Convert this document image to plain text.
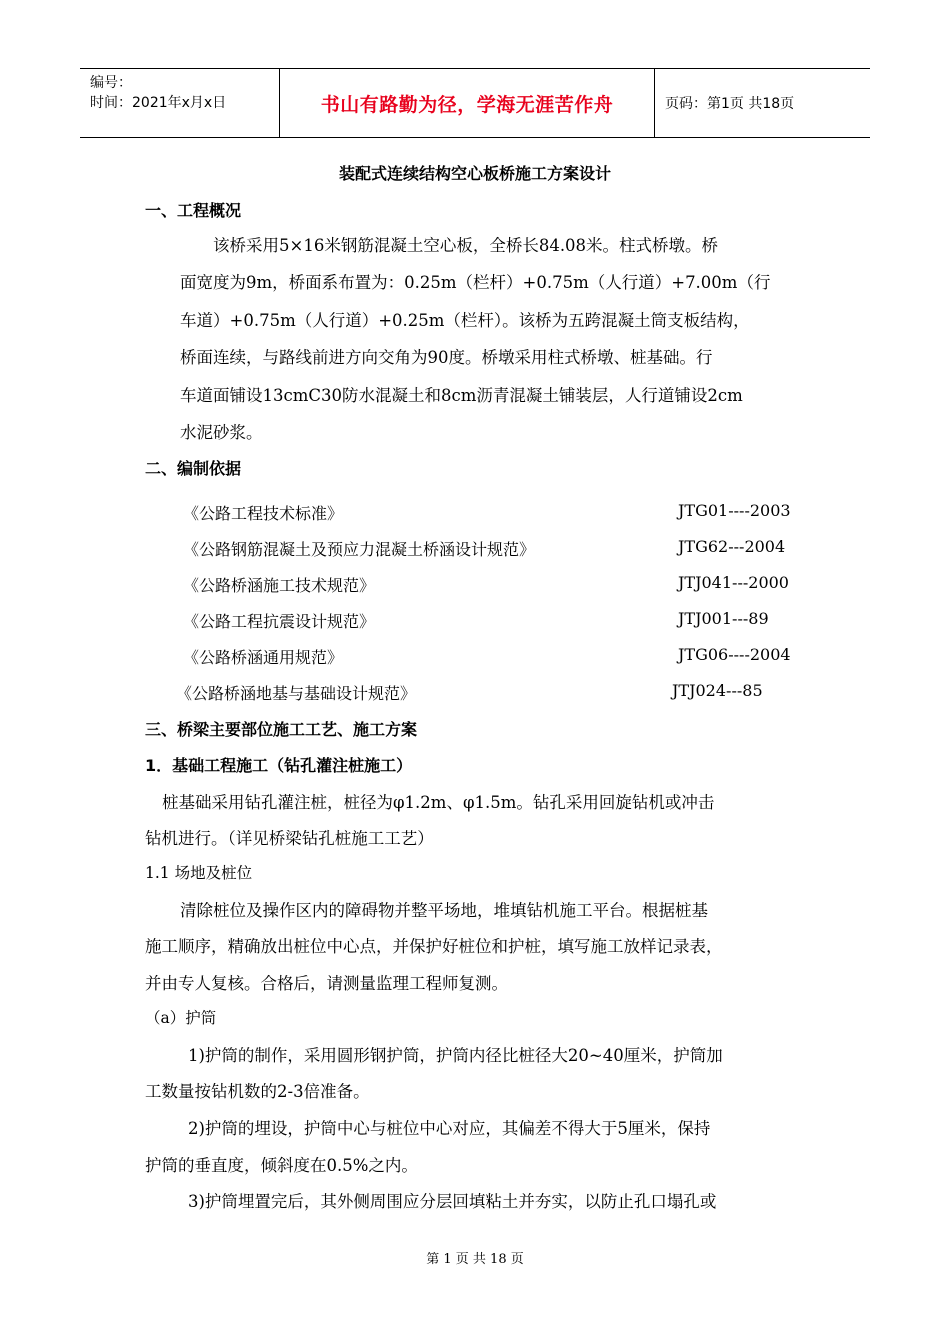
编号：
时间：2021年x月x日	书山有路勤为径，学海无涯苦作舟	页码：第1页 共18页
装配式连续结构空心板桥施工方案设计
一、工程概况
该桥采用5×16米钢筋混凝土空心板，全桥长84.08米。柱式桥墩。桥
面宽度为9m，桥面系布置为：0.25m（栏杆）+0.75m（人行道）+7.00m（行
车道）+0.75m（人行道）+0.25m（栏杆）。该桥为五跨混凝土筒支板结构，
桥面连续，与路线前进方向交角为90度。桥墩采用柱式桥墩、桩基础。行
车道面铺设13cmC30防水混凝土和8cm沥青混凝土铺装层，人行道铺设2cm
水泥砂浆。
二、编制依据
《公路工程技术标准》	JTG01----2003
《公路钢筋混凝土及预应力混凝土桥涵设计规范》	JTG62---2004
《公路桥涵施工技术规范》	JTJ041---2000
《公路工程抗震设计规范》	JTJ001---89
《公路桥涵通用规范》	JTG06----2004
《公路桥涵地基与基础设计规范》	JTJ024---85
三、桥梁主要部位施工工艺、施工方案
1．基础工程施工（钻孔灌注桩施工）
桩基础采用钻孔灌注桩，桩径为φ1.2m、φ1.5m。钻孔采用回旋钻机或冲击
钻机进行。（详见桥梁钻孔桩施工工艺）
1.1 场地及桩位
清除桩位及操作区内的障碍物并整平场地，堆填钻机施工平台。根据桩基
施工顺序，精确放出桩位中心点，并保护好桩位和护桩，填写施工放样记录表，
并由专人复核。合格后，请测量监理工程师复测。
（a）护筒
1)护筒的制作，采用圆形钢护筒，护筒内径比桩径大20~40厘米，护筒加
工数量按钻机数的2-3倍准备。
2)护筒的埋设，护筒中心与桩位中心对应，其偏差不得大于5厘米，保持
护筒的垂直度，倾斜度在0.5%之内。
3)护筒埋置完后，其外侧周围应分层回填粘土并夯实，以防止孔口塌孔或
第 1 页 共 18 页
